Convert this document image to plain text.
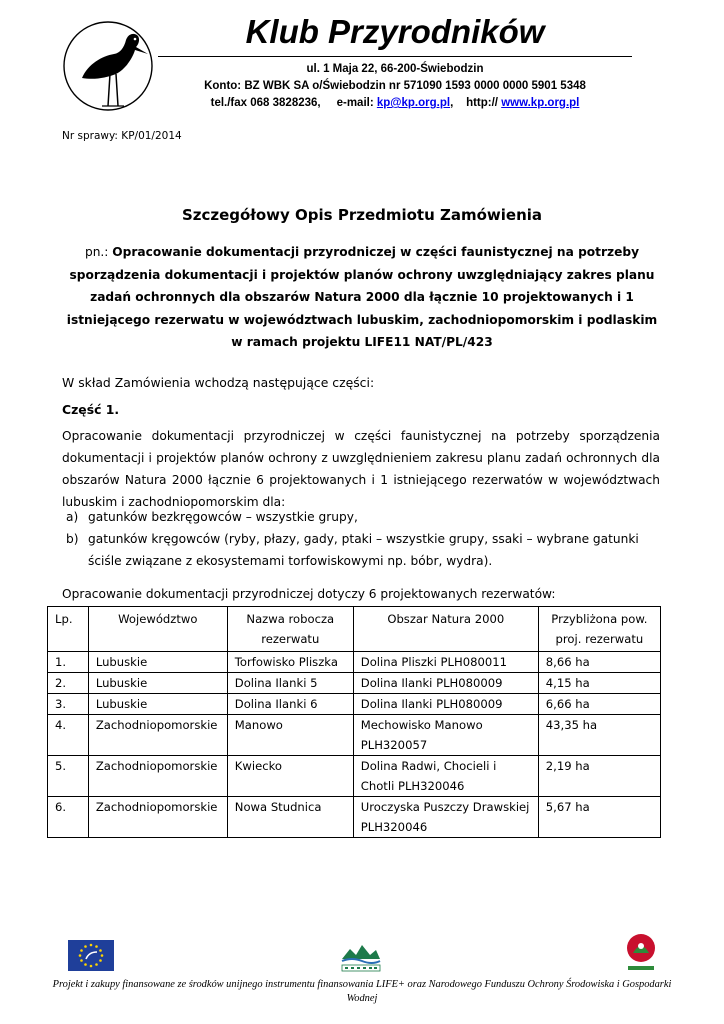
Klub Przyrodników
ul. 1 Maja 22, 66-200-Świebodzin
Konto: BZ WBK SA o/Świebodzin nr 571090 1593 0000 0000 5901 5348
tel./fax 068 3828236, e-mail: kp@kp.org.pl,    http:// www.kp.org.pl
Nr sprawy: KP/01/2014
Szczegółowy Opis Przedmiotu Zamówienia

pn.: Opracowanie dokumentacji przyrodniczej w części faunistycznej na potrzeby sporządzenia dokumentacji i projektów planów ochrony uwzględniający zakres planu zadań ochronnych dla obszarów Natura 2000 dla łącznie 10 projektowanych i 1 istniejącego rezerwatu w województwach lubuskim, zachodniopomorskim i podlaskim w ramach projektu LIFE11 NAT/PL/423

W skład Zamówienia wchodzą następujące części:
Część 1.

Opracowanie dokumentacji przyrodniczej w części faunistycznej na potrzeby sporządzenia dokumentacji i projektów planów ochrony z uwzględnieniem zakresu planu zadań ochronnych dla obszarów Natura 2000 łącznie 6 projektowanych i 1 istniejącego rezerwatów w województwach lubuskim i zachodniopomorskim dla:

a) gatunków bezkręgowców – wszystkie grupy,
b) gatunków kręgowców (ryby, płazy, gady, ptaki – wszystkie grupy, ssaki – wybrane gatunki ściśle związane z ekosystemami torfowiskowymi np. bóbr, wydra).
Opracowanie dokumentacji przyrodniczej dotyczy 6 projektowanych rezerwatów:
Lp.	Województwo	Nazwa robocza rezerwatu	Obszar Natura 2000	Przybliżona pow. proj. rezerwatu
1.	Lubuskie	Torfowisko Pliszka	Dolina Pliszki PLH080011	8,66 ha
2.	Lubuskie	Dolina Ilanki 5	Dolina Ilanki PLH080009	4,15 ha
3.	Lubuskie	Dolina Ilanki 6	Dolina Ilanki PLH080009	6,66 ha
4.	Zachodniopomorskie	Manowo	Mechowisko Manowo PLH320057	43,35 ha
5.	Zachodniopomorskie	Kwiecko	Dolina Radwi, Chocieli i Chotli PLH320046	2,19 ha
6.	Zachodniopomorskie	Nowa Studnica	Uroczyska Puszczy Drawskiej PLH320046	5,67 ha

Projekt i zakupy finansowane ze środków unijnego instrumentu finansowania LIFE+ oraz Narodowego Funduszu Ochrony Środowiska i Gospodarki Wodnej
